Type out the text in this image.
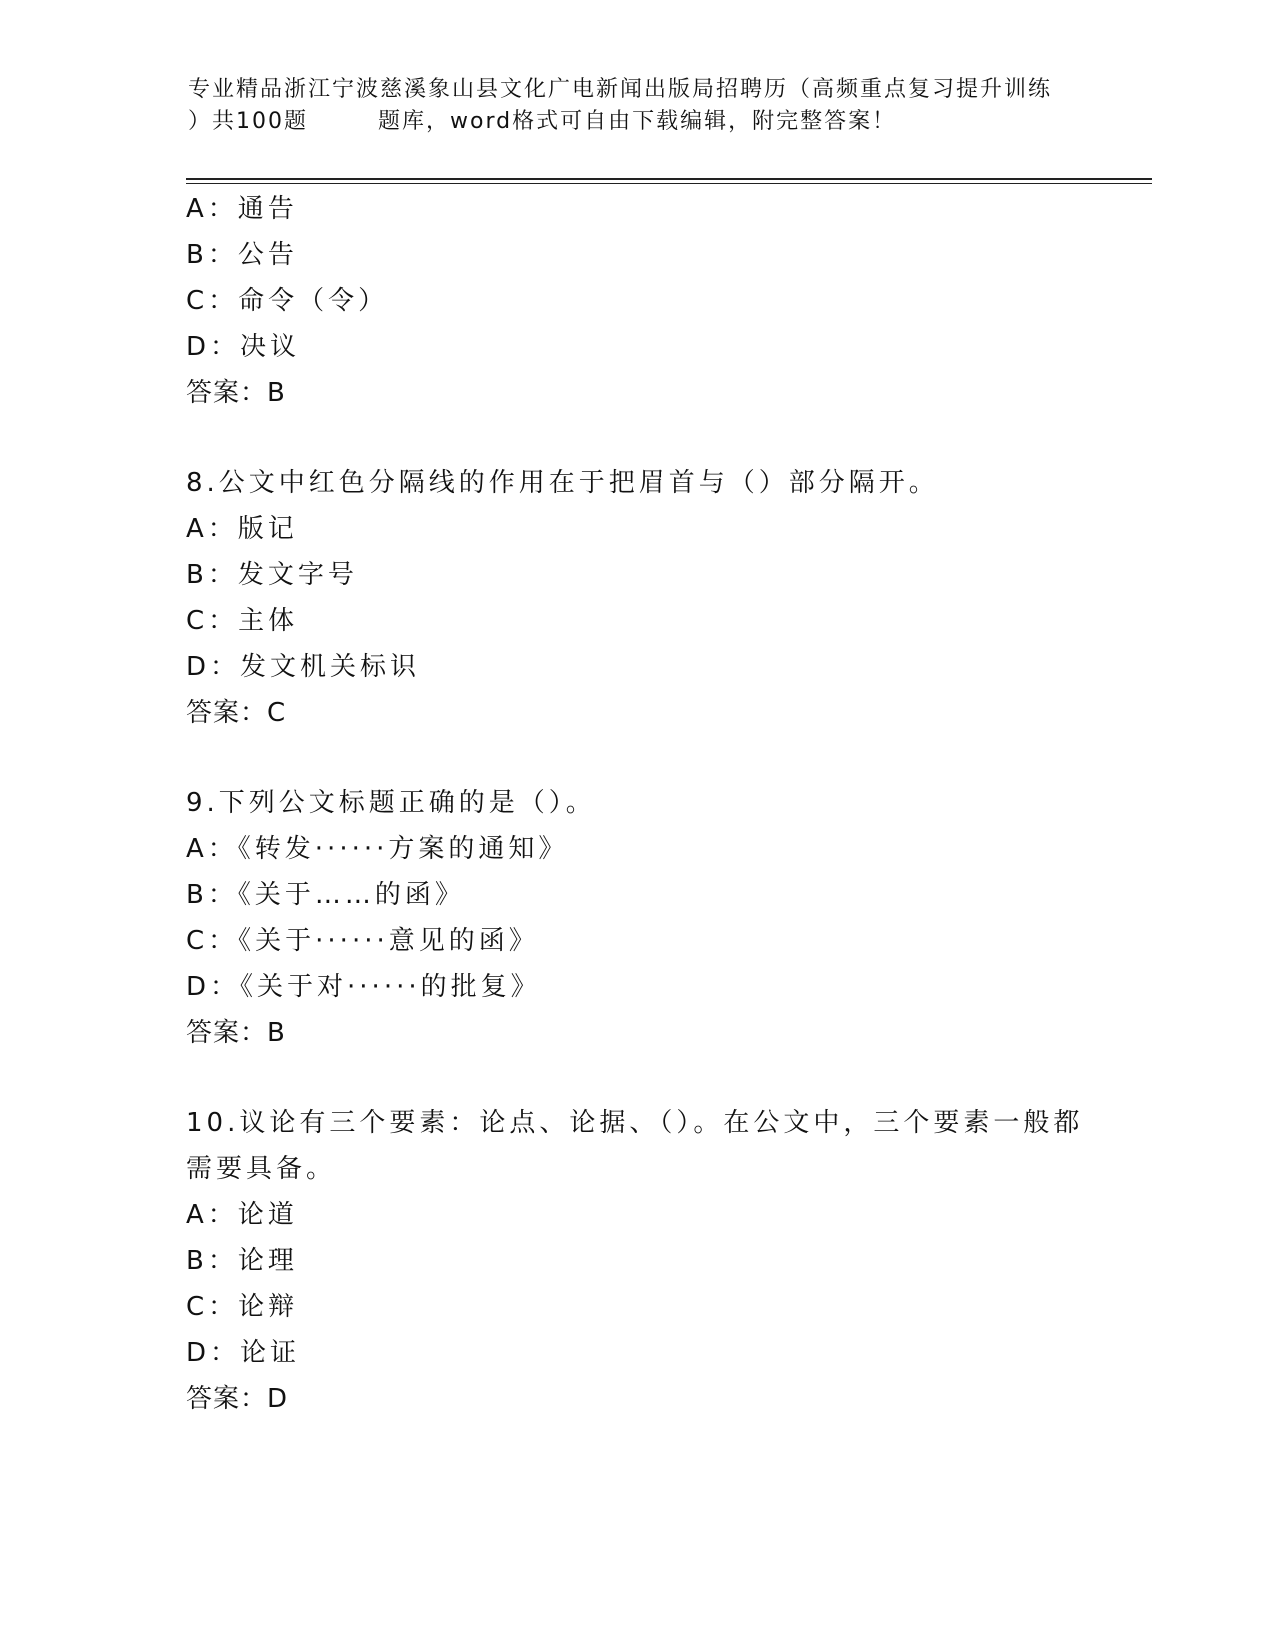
专业精品浙江宁波慈溪象山县文化广电新闻出版局招聘历（高频重点复习提升训练
）共100题	题库，word格式可自由下载编辑，附完整答案！
A：通告
B：公告
C：命令（令）
D：决议
答案：B
8.公文中红色分隔线的作用在于把眉首与（）部分隔开。
A：版记
B：发文字号
C：主体
D：发文机关标识
答案：C
9.下列公文标题正确的是（）。
A：《转发······方案的通知》
B：《关于……的函》
C：《关于······意见的函》
D：《关于对······的批复》
答案：B
10.议论有三个要素：论点、论据、（）。在公文中，三个要素一般都
需要具备。
A：论道
B：论理
C：论辩
D：论证
答案：D
